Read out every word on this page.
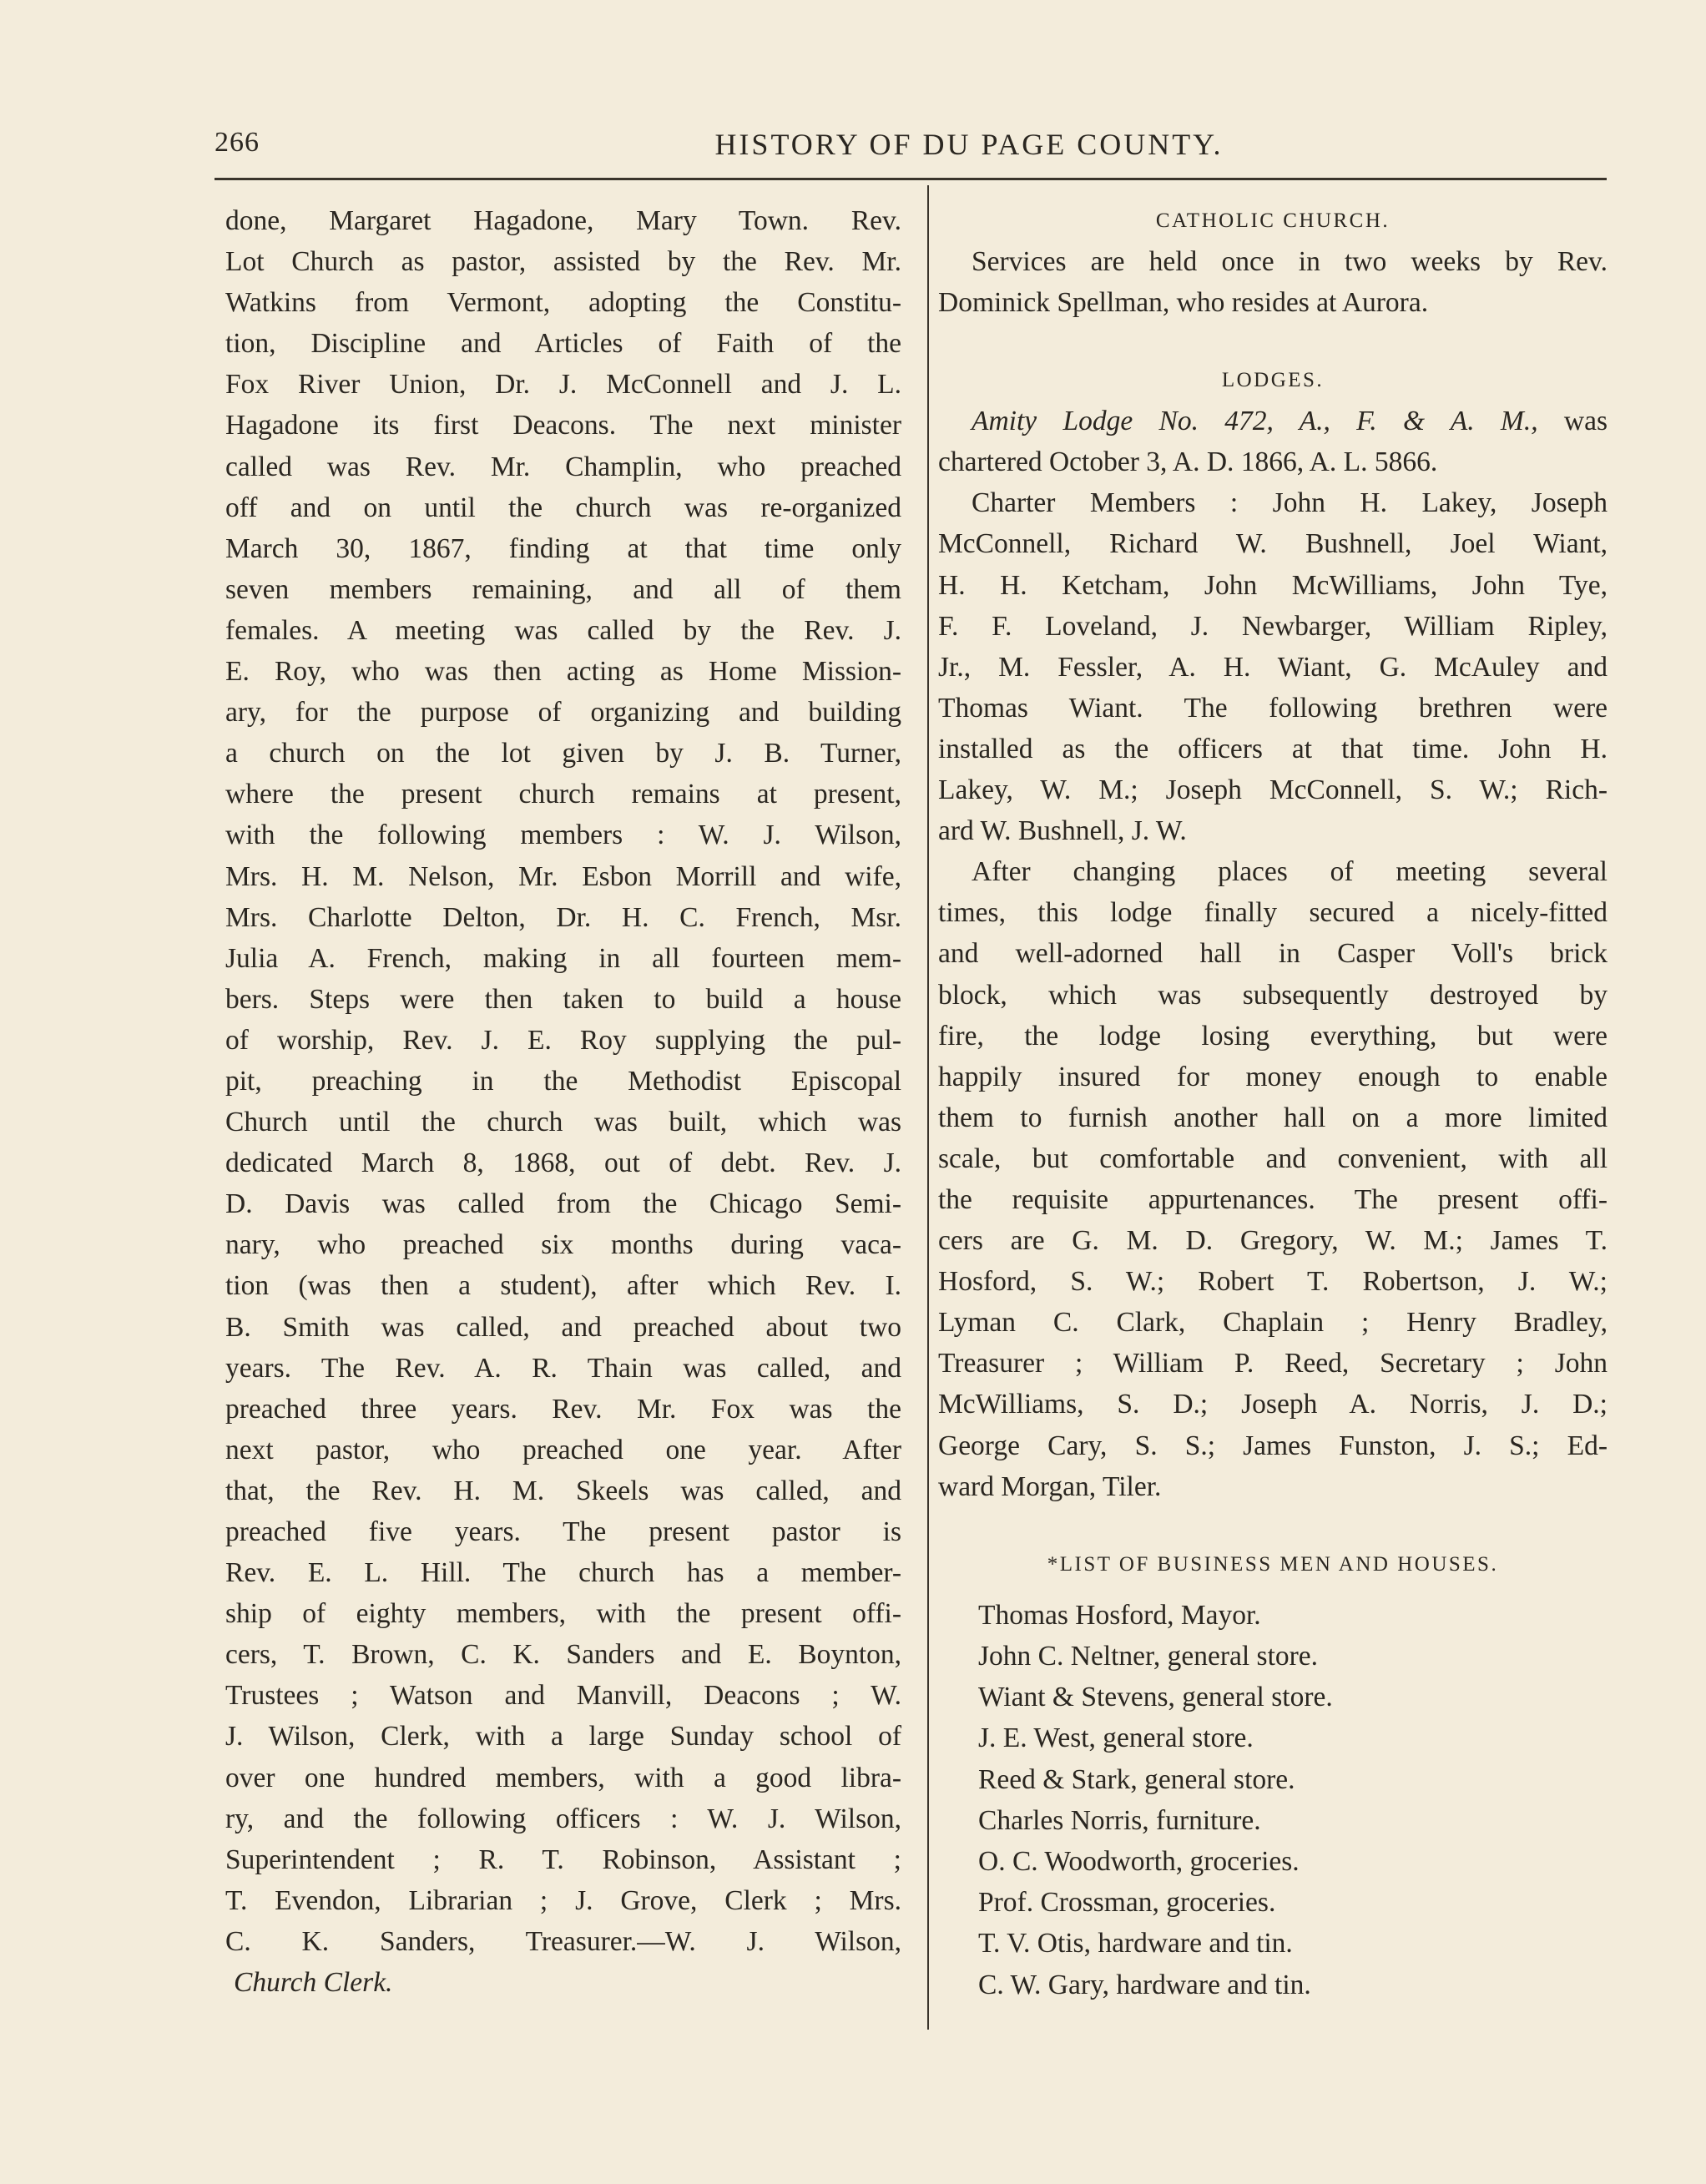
266	HISTORY OF DU PAGE COUNTY.
done, Margaret Hagadone, Mary Town. Rev.
Lot Church as pastor, assisted by the Rev. Mr.
Watkins from Vermont, adopting the Constitu-
tion, Discipline and Articles of Faith of the
Fox River Union, Dr. J. McConnell and J. L.
Hagadone its first Deacons. The next minister
called was Rev. Mr. Champlin, who preached
off and on until the church was re-organized
March 30, 1867, finding at that time only
seven members remaining, and all of them
females. A meeting was called by the Rev. J.
E. Roy, who was then acting as Home Mission-
ary, for the purpose of organizing and building
a church on the lot given by J. B. Turner,
where the present church remains at present,
with the following members : W. J. Wilson,
Mrs. H. M. Nelson, Mr. Esbon Morrill and wife,
Mrs. Charlotte Delton, Dr. H. C. French, Msr.
Julia A. French, making in all fourteen mem-
bers. Steps were then taken to build a house
of worship, Rev. J. E. Roy supplying the pul-
pit, preaching in the Methodist Episcopal
Church until the church was built, which was
dedicated March 8, 1868, out of debt. Rev. J.
D. Davis was called from the Chicago Semi-
nary, who preached six months during vaca-
tion (was then a student), after which Rev. I.
B. Smith was called, and preached about two
years. The Rev. A. R. Thain was called, and
preached three years. Rev. Mr. Fox was the
next pastor, who preached one year. After
that, the Rev. H. M. Skeels was called, and
preached five years. The present pastor is
Rev. E. L. Hill. The church has a member-
ship of eighty members, with the present offi-
cers, T. Brown, C. K. Sanders and E. Boynton,
Trustees ; Watson and Manvill, Deacons ; W.
J. Wilson, Clerk, with a large Sunday school of
over one hundred members, with a good libra-
ry, and the following officers : W. J. Wilson,
Superintendent ; R. T. Robinson, Assistant ;
T. Evendon, Librarian ; J. Grove, Clerk ; Mrs.
C. K. Sanders, Treasurer.—W. J. Wilson,
Church Clerk.
CATHOLIC CHURCH.
Services are held once in two weeks by Rev.
Dominick Spellman, who resides at Aurora.
LODGES.
Amity Lodge No. 472, A., F. & A. M., was
chartered October 3, A. D. 1866, A. L. 5866.
Charter Members : John H. Lakey, Joseph
McConnell, Richard W. Bushnell, Joel Wiant,
H. H. Ketcham, John McWilliams, John Tye,
F. F. Loveland, J. Newbarger, William Ripley,
Jr., M. Fessler, A. H. Wiant, G. McAuley and
Thomas Wiant. The following brethren were
installed as the officers at that time. John H.
Lakey, W. M.; Joseph McConnell, S. W.; Rich-
ard W. Bushnell, J. W.
After changing places of meeting several
times, this lodge finally secured a nicely-fitted
and well-adorned hall in Casper Voll's brick
block, which was subsequently destroyed by
fire, the lodge losing everything, but were
happily insured for money enough to enable
them to furnish another hall on a more limited
scale, but comfortable and convenient, with all
the requisite appurtenances. The present offi-
cers are G. M. D. Gregory, W. M.; James T.
Hosford, S. W.; Robert T. Robertson, J. W.;
Lyman C. Clark, Chaplain ; Henry Bradley,
Treasurer ; William P. Reed, Secretary ; John
McWilliams, S. D.; Joseph A. Norris, J. D.;
George Cary, S. S.; James Funston, J. S.; Ed-
ward Morgan, Tiler.
*LIST OF BUSINESS MEN AND HOUSES.
Thomas Hosford, Mayor.
John C. Neltner, general store.
Wiant & Stevens, general store.
J. E. West, general store.
Reed & Stark, general store.
Charles Norris, furniture.
O. C. Woodworth, groceries.
Prof. Crossman, groceries.
T. V. Otis, hardware and tin.
C. W. Gary, hardware and tin.
